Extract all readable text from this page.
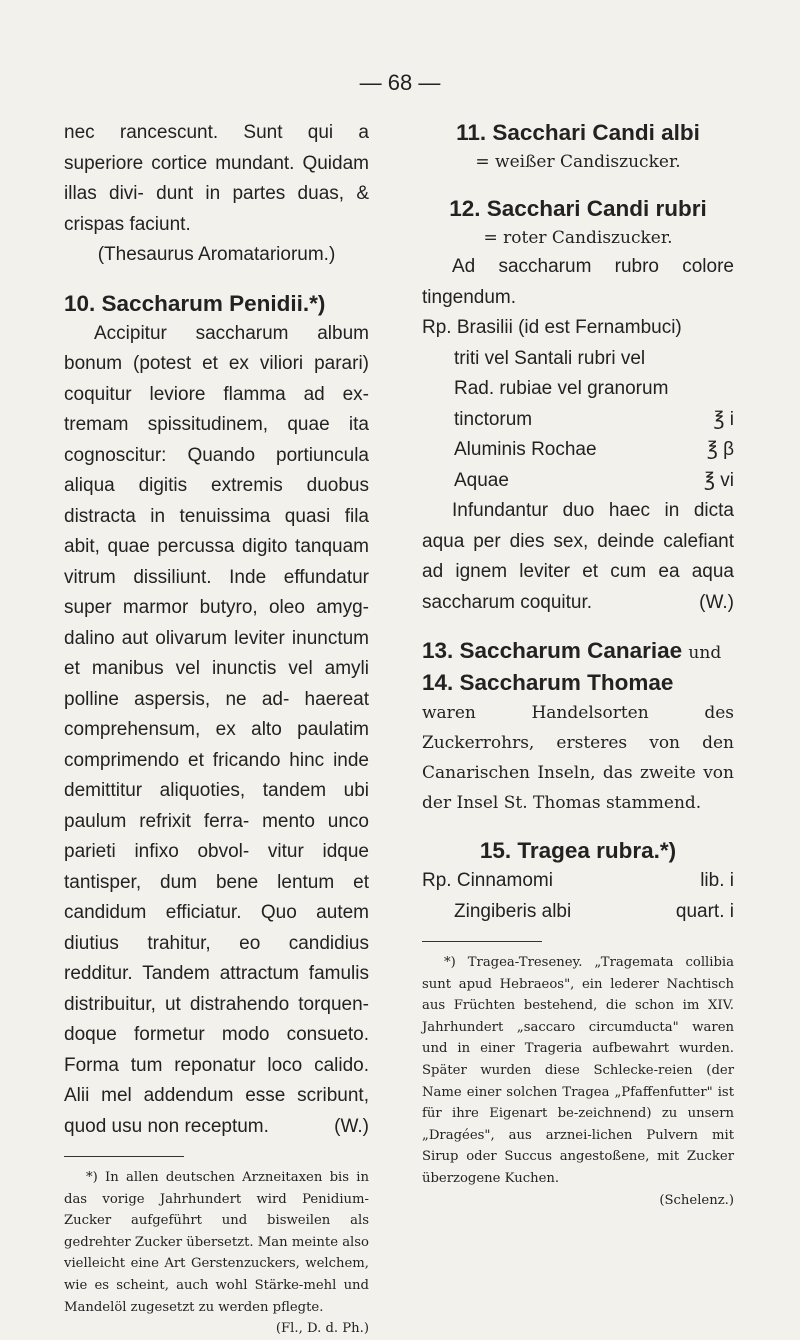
— 68 —

nec rancescunt. Sunt qui a superiore cortice mundant. Quidam illas divi- dunt in partes duas, & crispas faciunt.

(Thesaurus Aromatariorum.)

10. Saccharum Penidii.*)

Accipitur saccharum album bonum (potest et ex viliori parari) coquitur leviore flamma ad ex- tremam spissitudinem, quae ita cognoscitur: Quando portiuncula aliqua digitis extremis duobus distracta in tenuissima quasi fila abit, quae percussa digito tanquam vitrum dissiliunt. Inde effundatur super marmor butyro, oleo amyg- dalino aut olivarum leviter inunctum et manibus vel inunctis vel amyli polline aspersis, ne ad- haereat comprehensum, ex alto paulatim comprimendo et fricando hinc inde demittitur aliquoties, tandem ubi paulum refrixit ferra- mento unco parieti infixo obvol- vitur idque tantisper, dum bene lentum et candidum efficiatur. Quo autem diutius trahitur, eo candidius redditur. Tandem attractum famulis distribuitur, ut distrahendo torquen- doque formetur modo consueto. Forma tum reponatur loco calido. Alii mel addendum esse scribunt, quod usu non receptum.	(W.)

*) In allen deutschen Arzneitaxen bis in das vorige Jahrhundert wird Penidium-Zucker aufgeführt und bisweilen als gedrehter Zucker übersetzt. Man meinte also vielleicht eine Art Gerstenzuckers, welchem, wie es scheint, auch wohl Stärke-mehl und Mandelöl zugesetzt zu werden pflegte.
(Fl., D. d. Ph.)
11. Sacchari Candi albi
= weißer Candiszucker.
12. Sacchari Candi rubri
= roter Candiszucker.

Ad saccharum rubro colore tingendum.

Rp. Brasilii (id est Fernambuci)
triti vel Santali rubri vel
Rad. rubiae vel granorum
tinctorum	℥ i
Aluminis Rochae	℥ β
Aquae	℥ vi

Infundantur duo haec in dicta aqua per dies sex, deinde calefiant ad ignem leviter et cum ea aqua saccharum coquitur.	(W.)

13. Saccharum Canariae und
14. Saccharum Thomae
waren Handelsorten des Zuckerrohrs, ersteres von den Canarischen Inseln, das zweite von der Insel St. Thomas stammend.
15. Tragea rubra.*)
Rp. Cinnamomi	lib. i
Zingiberis albi	quart. i
*) Tragea-Treseney. „Tragemata collibia sunt apud Hebraeos", ein lederer Nachtisch aus Früchten bestehend, die schon im XIV. Jahrhundert „saccaro circumducta" waren und in einer Trageria aufbewahrt wurden. Später wurden diese Schlecke-reien (der Name einer solchen Tragea „Pfaffenfutter" ist für ihre Eigenart be-zeichnend) zu unsern „Dragées", aus arznei-lichen Pulvern mit Sirup oder Succus angestoßene, mit Zucker überzogene Kuchen.

(Schelenz.)
